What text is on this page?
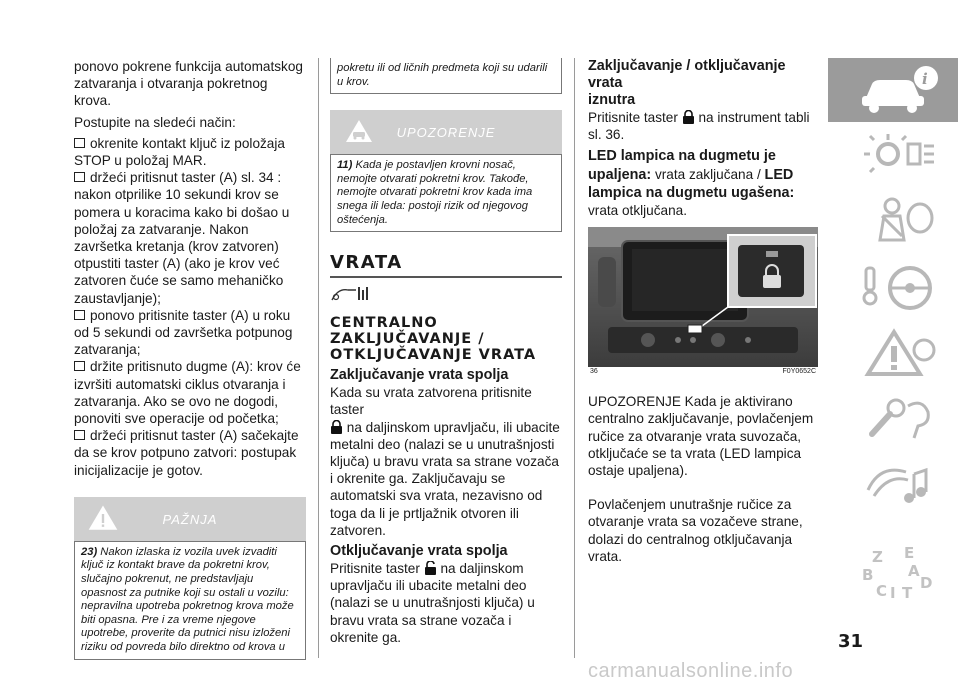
ponovo pokrene funkcija automatskog zatvaranja i otvaranja pokretnog krova.

Postupite na sledeći način:

okrenite kontakt ključ iz položaja STOP u položaj MAR.

držeći pritisnut taster (A) sl. 34 : nakon otprilike 10 sekundi krov se pomera u koracima kako bi došao u položaj za zatvaranje. Nakon završetka kretanja (krov zatvoren) otpustiti taster (A) (ako je krov već zatvoren čuće se samo mehaničko zaustavljanje);

ponovo pritisnite taster (A) u roku od 5 sekundi od završetka potpunog zatvaranja;

držite pritisnuto dugme (A): krov će izvršiti automatski ciklus otvaranja i zatvaranja. Ako se ovo ne dogodi, ponoviti sve operacije od početka;

držeći pritisnut taster (A) sačekajte da se krov potpuno zatvori: postupak inicijalizacije je gotov.

PAŽNJA
23) Nakon izlaska iz vozila uvek izvaditi ključ iz kontakt brave da pokretni krov, slučajno pokrenut, ne predstavljaju opasnost za putnike koji su ostali u vozilu: nepravilna upotreba pokretnog krova može biti opasna. Pre i za vreme njegove upotrebe, proverite da putnici nisu izloženi riziku od povreda bilo direktno od krova u
pokretu ili od ličnih predmeta koji su udarili u krov.
UPOZORENJE
11) Kada je postavljen krovni nosač, nemojte otvarati pokretni krov. Takođe, nemojte otvarati pokretni krov kada ima snega ili leda: postoji rizik od njegovog oštećenja.

VRATA

CENTRALNO

ZAKLJUČAVANJE /

OTKLJUČAVANJE VRATA

Zaključavanje vrata spolja

Kada su vrata zatvorena pritisnite taster
na daljinskom upravljaču, ili ubacite metalni deo (nalazi se u unutrašnjosti ključa) u bravu vrata sa strane vozača i okrenite ga. Zaključavaju se automatski sva vrata, nezavisno od toga da li je prtljažnik otvoren ili zatvoren.

Otključavanje vrata spolja

Pritisnite taster na daljinskom upravljaču ili ubacite metalni deo (nalazi se u unutrašnjosti ključa) u bravu vrata sa strane vozača i okrenite ga.

Zaključavanje / otključavanje vrata
iznutra

Pritisnite taster na instrument tabli sl. 36.

LED lampica na dugmetu je upaljena: vrata zaključana / LED lampica na dugmetu ugašena: vrata otključana.

36	F0Y0652C

UPOZORENJE Kada je aktivirano centralno zaključavanje, povlačenjem ručice za otvaranje vrata suvozača, otključaće se ta vrata (LED lampica ostaje upaljena).

Povlačenjem unutrašnje ručice za otvaranje vrata sa vozačeve strane, dolazi do centralnog otključavanja vrata.

i
Z E
B A
C D
I T
31
carmanualsonline.info
